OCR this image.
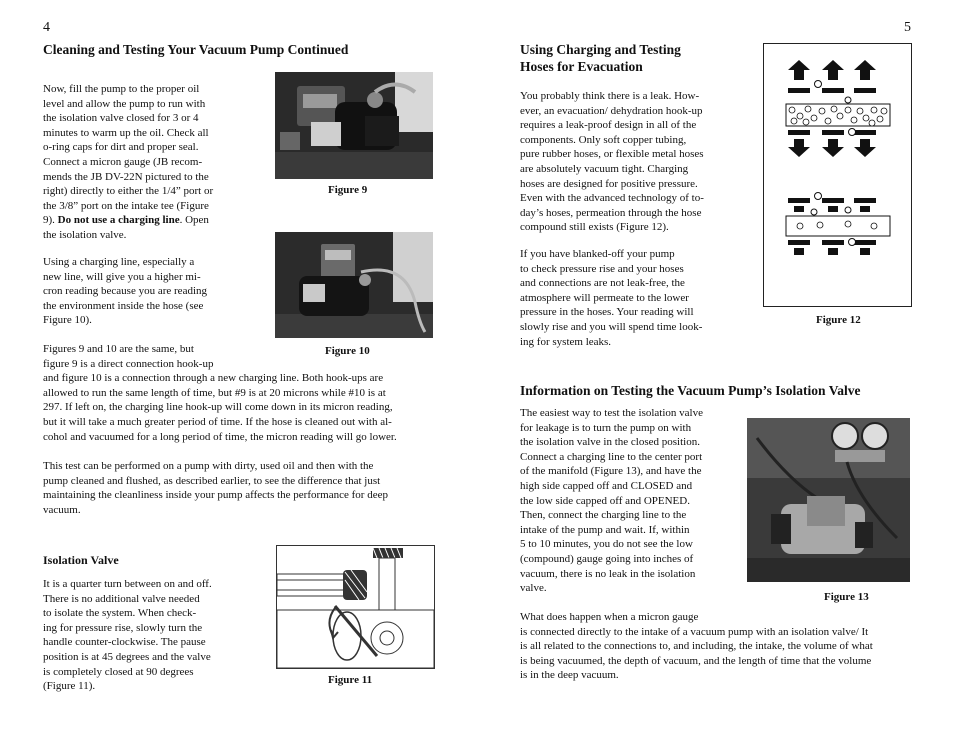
4
Cleaning and Testing Your Vacuum Pump Continued
Now, fill the pump to the proper oil
level and allow the pump to run with
the isolation valve closed for 3 or 4
minutes to warm up the oil. Check all
o-ring caps for dirt and proper seal.
Connect a micron gauge (JB recom-
mends the JB DV-22N pictured to the
right) directly to either the 1/4” port or
the 3/8” port on the intake tee (Figure
9). Do not use a charging line. Open
the isolation valve.
Using a charging line, especially a
new line, will give you a higher mi-
cron reading because you are reading
the environment inside the hose (see
Figure 10).
Figures 9 and 10 are the same, but
figure 9 is a direct connection hook-up
and figure 10 is a connection through a new charging line. Both hook-ups are
allowed to run the same length of time, but #9 is at 20 microns while #10 is at
297. If left on, the charging line hook-up will come down in its micron reading,
but it will take a much greater period of time. If the hose is cleaned out with al-
cohol and vacuumed for a long period of time, the micron reading will go lower.
This test can be performed on a pump with dirty, used oil and then with the
pump cleaned and flushed, as described earlier, to see the difference that just
maintaining the cleanliness inside your pump affects the performance for deep
vacuum.
Isolation Valve
It is a quarter turn between on and off.
There is no additional valve needed
to isolate the system. When check-
ing for pressure rise, slowly turn the
handle counter-clockwise. The pause
position is at 45 degrees and the valve
is completely closed at 90 degrees
(Figure 11).
Figure 9
Figure 10
Figure 11
5
Using Charging and Testing
Hoses for Evacuation
You probably think there is a leak. How-
ever, an evacuation/ dehydration hook-up
requires a leak-proof design in all of the
components. Only soft copper tubing,
pure rubber hoses, or flexible metal hoses
are absolutely vacuum tight. Charging
hoses are designed for positive pressure.
Even with the advanced technology of to-
day’s hoses, permeation through the hose
compound still exists (Figure 12).
If you have blanked-off your pump
to check pressure rise and your hoses
and connections are not leak-free, the
atmosphere will permeate to the lower
pressure in the hoses. Your reading will
slowly rise and you will spend time look-
ing for system leaks.
Figure 12
Information on Testing the Vacuum Pump’s Isolation Valve
The easiest way to test the isolation valve
for leakage is to turn the pump on with
the isolation valve in the closed position.
Connect a charging line to the center port
of the manifold (Figure 13), and have the
high side capped off and CLOSED and
the low side capped off and OPENED.
Then, connect the charging line to the
intake of the pump and wait. If, within
5 to 10 minutes, you do not see the low
(compound) gauge going into inches of
vacuum, there is no leak in the isolation
valve.
Figure 13
What does happen when a micron gauge
is connected directly to the intake of a vacuum pump with an isolation valve/ It
is all related to the connections to, and including, the intake, the volume of what
is being vacuumed, the depth of vacuum, and the length of time that the volume
is in the deep vacuum.
